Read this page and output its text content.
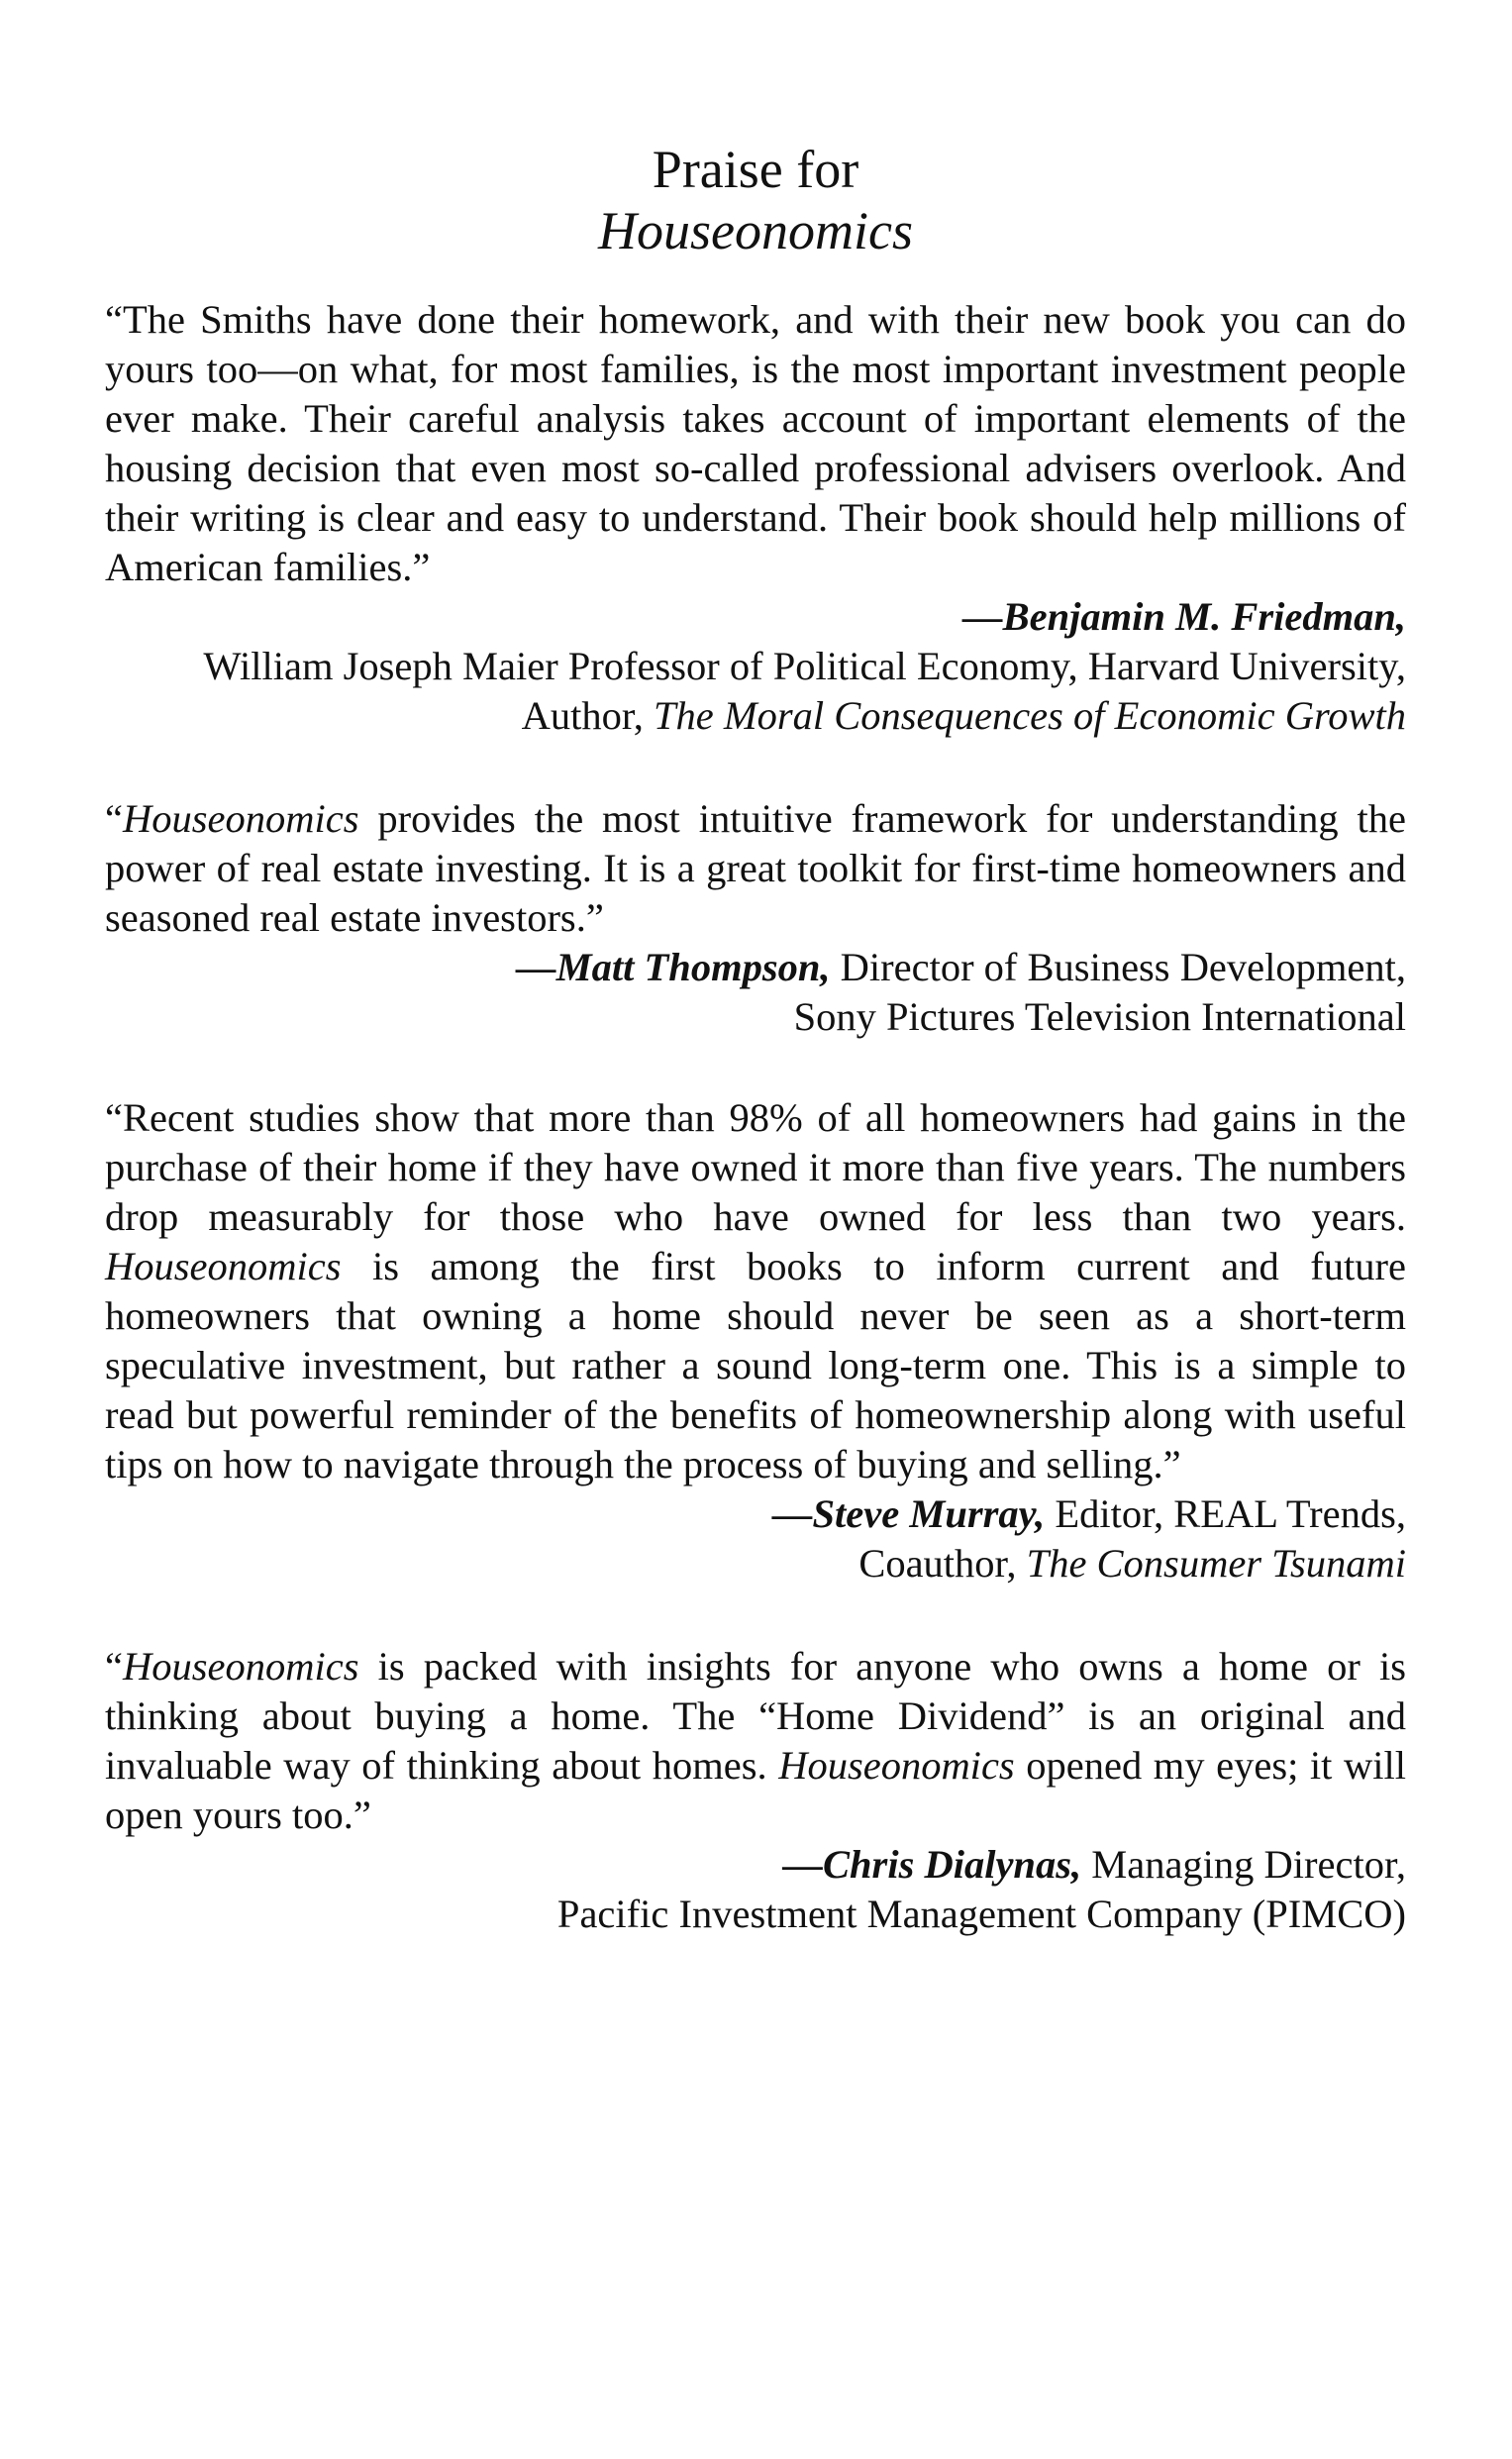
Praise for
Houseonomics

“The Smiths have done their homework, and with their new book you can do yours too—on what, for most families, is the most important investment people ever make. Their careful analysis takes account of important elements of the housing decision that even most so-called professional advisers overlook. And their writing is clear and easy to understand. Their book should help millions of American families.”

—Benjamin M. Friedman,
William Joseph Maier Professor of Political Economy, Harvard University,
Author, The Moral Consequences of Economic Growth

“Houseonomics provides the most intuitive framework for understanding the power of real estate investing. It is a great toolkit for first-time homeowners and seasoned real estate investors.”

—Matt Thompson, Director of Business Development,
Sony Pictures Television International

“Recent studies show that more than 98% of all homeowners had gains in the purchase of their home if they have owned it more than five years. The numbers drop measurably for those who have owned for less than two years. Houseonomics is among the first books to inform current and future homeowners that owning a home should never be seen as a short-term speculative investment, but rather a sound long-term one. This is a simple to read but powerful reminder of the benefits of homeownership along with useful tips on how to navigate through the process of buying and selling.”

—Steve Murray, Editor, REAL Trends,
Coauthor, The Consumer Tsunami

“Houseonomics is packed with insights for anyone who owns a home or is thinking about buying a home. The “Home Dividend” is an original and invaluable way of thinking about homes. Houseonomics opened my eyes; it will open yours too.”

—Chris Dialynas, Managing Director,
Pacific Investment Management Company (PIMCO)
